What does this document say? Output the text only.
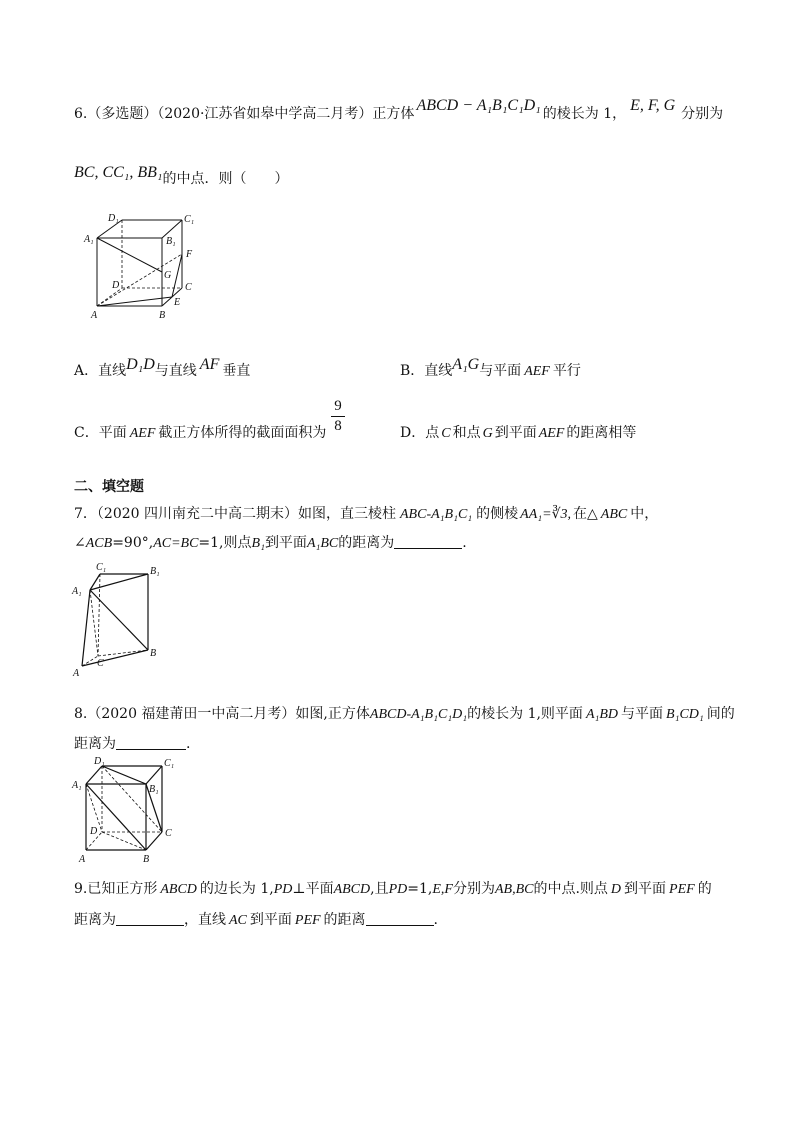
6.（多选题）（2020·江苏省如皋中学高二月考）正方体 ABCD − A₁B₁C₁D₁ 的棱长为 1， E, F, G 分别为
BC, CC₁, BB₁的中点．则（　　）
D₁	C₁
A₁	B₁
F
G
D	C
E
A	B
A．直线D₁D与直线 AF 垂直	B．直线A₁G与平面 AEF 平行
C．平面 AEF 截正方体所得的截面面积为
9
8	D．点 C 和点 G 到平面 AEF 的距离相等
二、填空题
7．（2020 四川南充二中高二期末）如图，直三棱柱 ABC-A₁B₁C₁ 的侧棱 AA₁=∛3, 在△ ABC 中，
∠ACB=90°,AC=BC=1,则点B₁到平面A₁BC的距离为	.
C₁	B₁
A₁
A
C
B
8.（2020 福建莆田一中高二月考）如图,正方体ABCD-A₁B₁C₁D₁的棱长为 1,则平面 A₁BD 与平面 B₁CD₁ 间的
距离为	.
D₁	C₁
A₁	B₁
D	C
A	B
9.已知正方形 ABCD 的边长为 1,PD⊥平面ABCD,且PD=1,E,F分别为AB,BC的中点.则点 D 到平面 PEF 的
距离为	，直线 AC 到平面 PEF 的距离	.
